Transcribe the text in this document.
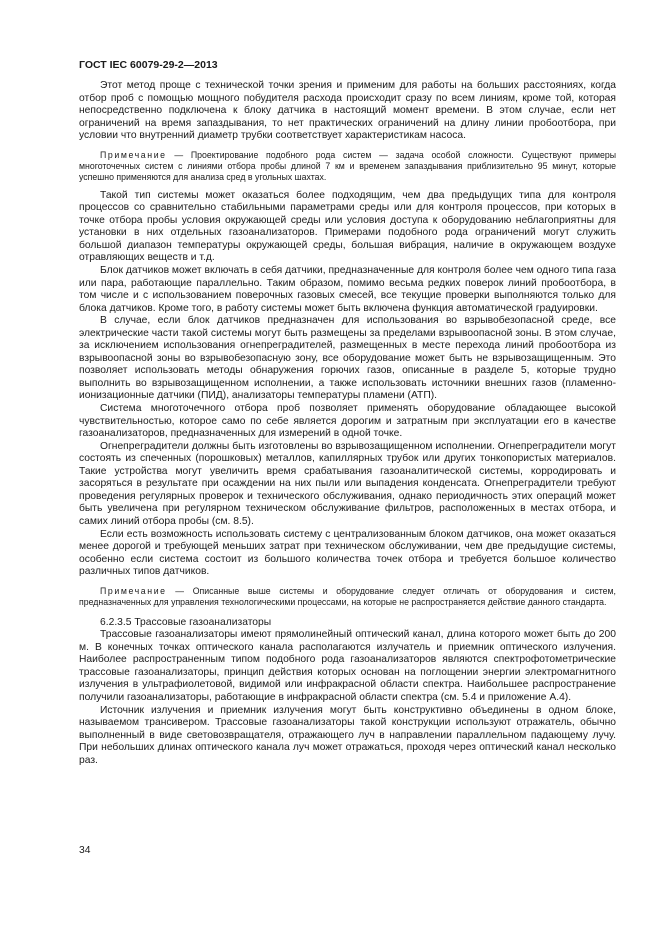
ГОСТ IEC 60079-29-2—2013

Этот метод проще с технической точки зрения и применим для работы на больших расстояниях, когда отбор проб с помощью мощного побудителя расхода происходит сразу по всем линиям, кроме той, которая непосредственно подключена к блоку датчика в настоящий момент времени. В этом случае, если нет ограничений на время запаздывания, то нет практических ограничений на длину линии пробоотбора, при условии что внутренний диаметр трубки соответствует характеристикам насоса.

Примечание — Проектирование подобного рода систем — задача особой сложности. Существуют примеры многоточечных систем с линиями отбора пробы длиной 7 км и временем запаздывания приблизительно 95 минут, которые успешно применяются для анализа сред в угольных шахтах.

Такой тип системы может оказаться более подходящим, чем два предыдущих типа для контроля процессов со сравнительно стабильными параметрами среды или для контроля процессов, при которых в точке отбора пробы условия окружающей среды или условия доступа к оборудованию неблагоприятны для установки в них отдельных газоанализаторов. Примерами подобного рода ограничений могут служить большой диапазон температуры окружающей среды, большая вибрация, наличие в окружающем воздухе отравляющих веществ и т.д.

Блок датчиков может включать в себя датчики, предназначенные для контроля более чем одного типа газа или пара, работающие параллельно. Таким образом, помимо весьма редких поверок линий пробоотбора, в том числе и с использованием поверочных газовых смесей, все текущие проверки выполняются только для блока датчиков. Кроме того, в работу системы может быть включена функция автоматической градуировки.

В случае, если блок датчиков предназначен для использования во взрывобезопасной среде, все электрические части такой системы могут быть размещены за пределами взрывоопасной зоны. В этом случае, за исключением использования огнепреградителей, размещенных в месте перехода линий пробоотбора из взрывоопасной зоны во взрывобезопасную зону, все оборудование может быть не взрывозащищенным. Это позволяет использовать методы обнаружения горючих газов, описанные в разделе 5, которые трудно выполнить во взрывозащищенном исполнении, а также использовать источники внешних газов (пламенно-ионизационные датчики (ПИД), анализаторы температуры пламени (АТП).

Система многоточечного отбора проб позволяет применять оборудование обладающее высокой чувствительностью, которое само по себе является дорогим и затратным при эксплуатации его в качестве газоанализаторов, предназначенных для измерений в одной точке.

Огнепреградители должны быть изготовлены во взрывозащищенном исполнении. Огнепреградители могут состоять из спеченных (порошковых) металлов, капиллярных трубок или других тонкопористых материалов. Такие устройства могут увеличить время срабатывания газоаналитической системы, корродировать и засоряться в результате при осаждении на них пыли или выпадения конденсата. Огнепреградители требуют проведения регулярных проверок и технического обслуживания, однако периодичность этих операций может быть увеличена при регулярном техническом обслуживание фильтров, расположенных в местах отбора, и самих линий отбора пробы (см. 8.5).

Если есть возможность использовать систему с централизованным блоком датчиков, она может оказаться менее дорогой и требующей меньших затрат при техническом обслуживании, чем две предыдущие системы, особенно если система состоит из большого количества точек отбора и требуется большое количество различных типов датчиков.

Примечание — Описанные выше системы и оборудование следует отличать от оборудования и систем, предназначенных для управления технологическими процессами, на которые не распространяется действие данного стандарта.

6.2.3.5 Трассовые газоанализаторы

Трассовые газоанализаторы имеют прямолинейный оптический канал, длина которого может быть до 200 м. В конечных точках оптического канала располагаются излучатель и приемник оптического излучения. Наиболее распространенным типом подобного рода газоанализаторов являются спектрофотометрические трассовые газоанализаторы, принцип действия которых основан на поглощении энергии электромагнитного излучения в ультрафиолетовой, видимой или инфракрасной области спектра. Наибольшее распространение получили газоанализаторы, работающие в инфракрасной области спектра (см. 5.4 и приложение А.4).

Источник излучения и приемник излучения могут быть конструктивно объединены в одном блоке, называемом трансивером. Трассовые газоанализаторы такой конструкции используют отражатель, обычно выполненный в виде световозвращателя, отражающего луч в направлении параллельном падающему лучу. При небольших длинах оптического канала луч может отражаться, проходя через оптический канал несколько раз.

34
